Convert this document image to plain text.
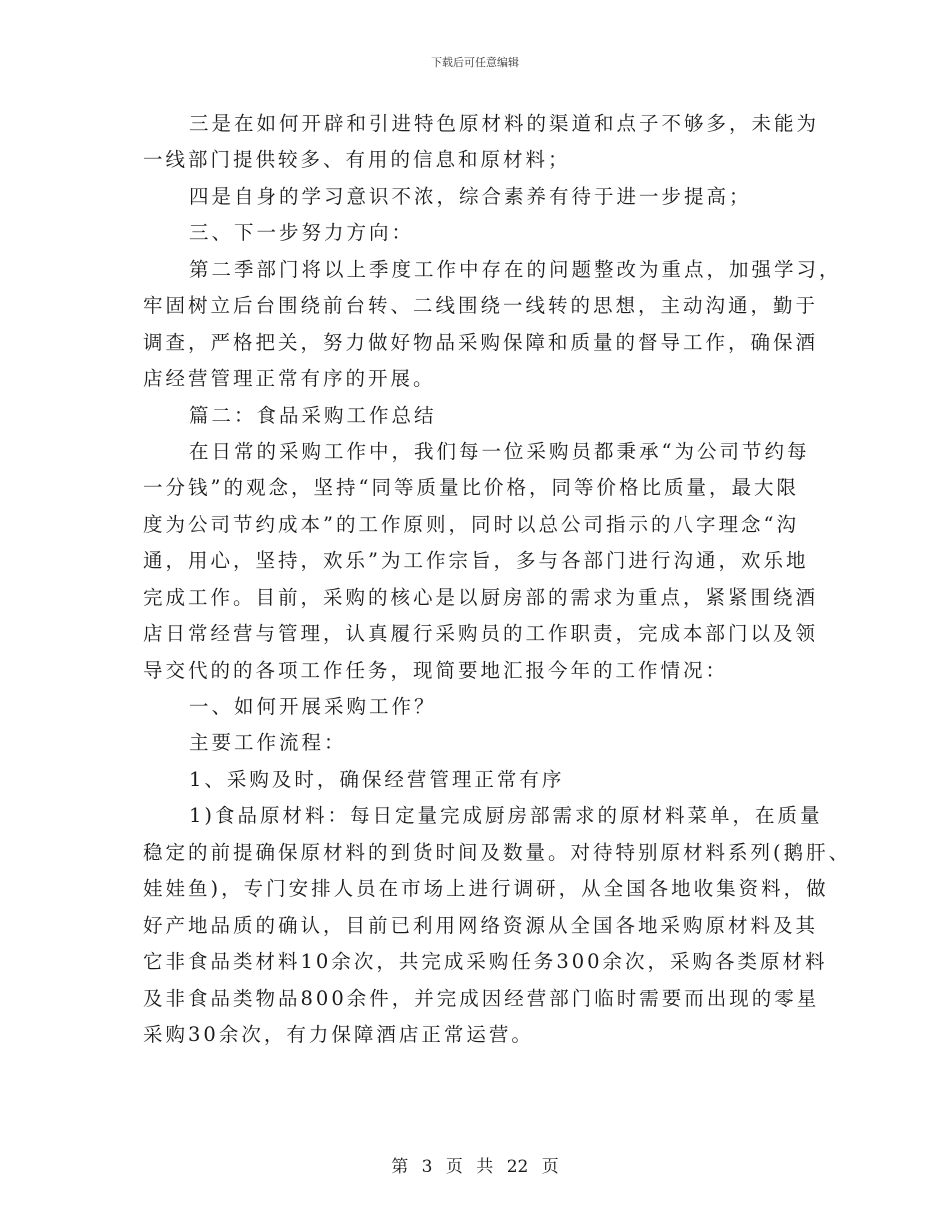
下载后可任意编辑
三是在如何开辟和引进特色原材料的渠道和点子不够多，未能为
一线部门提供较多、有用的信息和原材料；
四是自身的学习意识不浓，综合素养有待于进一步提高；
三、下一步努力方向：
第二季部门将以上季度工作中存在的问题整改为重点，加强学习，
牢固树立后台围绕前台转、二线围绕一线转的思想，主动沟通，勤于
调查，严格把关，努力做好物品采购保障和质量的督导工作，确保酒
店经营管理正常有序的开展。
篇二：食品采购工作总结
在日常的采购工作中，我们每一位采购员都秉承“为公司节约每
一分钱”的观念，坚持“同等质量比价格，同等价格比质量，最大限
度为公司节约成本”的工作原则，同时以总公司指示的八字理念“沟
通，用心，坚持，欢乐”为工作宗旨，多与各部门进行沟通，欢乐地
完成工作。目前，采购的核心是以厨房部的需求为重点，紧紧围绕酒
店日常经营与管理，认真履行采购员的工作职责，完成本部门以及领
导交代的的各项工作任务，现简要地汇报今年的工作情况：
一、如何开展采购工作？
主要工作流程：
1、采购及时，确保经营管理正常有序
1)食品原材料：每日定量完成厨房部需求的原材料菜单，在质量
稳定的前提确保原材料的到货时间及数量。对待特别原材料系列(鹅肝、
娃娃鱼)，专门安排人员在市场上进行调研，从全国各地收集资料，做
好产地品质的确认，目前已利用网络资源从全国各地采购原材料及其
它非食品类材料10余次，共完成采购任务300余次，采购各类原材料
及非食品类物品800余件，并完成因经营部门临时需要而出现的零星
采购30余次，有力保障酒店正常运营。
第 3 页 共 22 页
